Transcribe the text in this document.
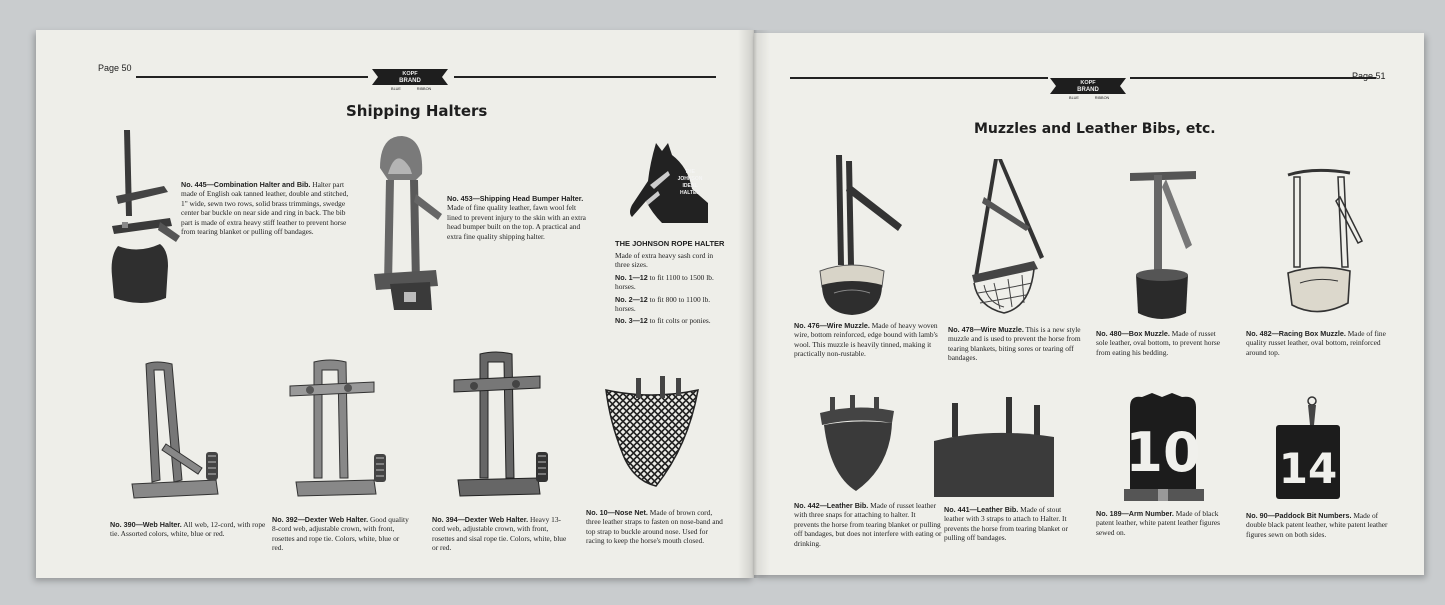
Page 50
KOPF
BRAND
BLUE	RIBBON
Shipping Halters
No. 445—Combination Halter and Bib. Halter part made of English oak tanned leather, double and stitched, 1" wide, sewn two rows, solid brass trimmings, swedge center bar buckle on near side and ring in back. The bib part is made of extra heavy stiff leather to prevent horse from tearing blanket or pulling off bandages.
No. 453—Shipping Head Bumper Halter. Made of fine quality leather, fawn wool felt lined to prevent injury to the skin with an extra head bumper built on the top. A practical and extra fine quality shipping halter.
THE
JOHNSON
IDEAL
HALTER
THE JOHNSON ROPE HALTER
Made of extra heavy sash cord in three sizes.
No. 1—12 to fit 1100 to 1500 lb. horses.
No. 2—12 to fit 800 to 1100 lb. horses.
No. 3—12 to fit colts or ponies.
No. 390—Web Halter. All web, 12-cord, with rope tie. Assorted colors, white, blue or red.
No. 392—Dexter Web Halter. Good quality 8-cord web, adjustable crown, with front, rosettes and rope tie. Colors, white, blue or red.
No. 394—Dexter Web Halter. Heavy 13-cord web, adjustable crown, with front, rosettes and sisal rope tie. Colors, white, blue or red.
No. 10—Nose Net. Made of brown cord, three leather straps to fasten on nose-band and top strap to buckle around nose. Used for racing to keep the horse's mouth closed.
KOPF
BRAND
BLUE	RIBBON
Page 51
Muzzles and Leather Bibs, etc.
No. 476—Wire Muzzle. Made of heavy woven wire, bottom reinforced, edge bound with lamb's wool. This muzzle is heavily tinned, making it practically non-rustable.
No. 478—Wire Muzzle. This is a new style muzzle and is used to prevent the horse from tearing blankets, biting sores or tearing off bandages.
No. 480—Box Muzzle. Made of russet sole leather, oval bottom, to prevent horse from eating his bedding.
No. 482—Racing Box Muzzle. Made of fine quality russet leather, oval bottom, reinforced around top.
No. 442—Leather Bib. Made of russet leather with three snaps for attaching to halter. It prevents the horse from tearing blanket or pulling off bandages, but does not interfere with eating or drinking.
No. 441—Leather Bib. Made of stout leather with 3 straps to attach to Halter. It prevents the horse from tearing blanket or pulling off bandages.
10
No. 189—Arm Number. Made of black patent leather, white patent leather figures sewed on.
14
No. 90—Paddock Bit Numbers. Made of double black patent leather, white patent leather figures sewn on both sides.
